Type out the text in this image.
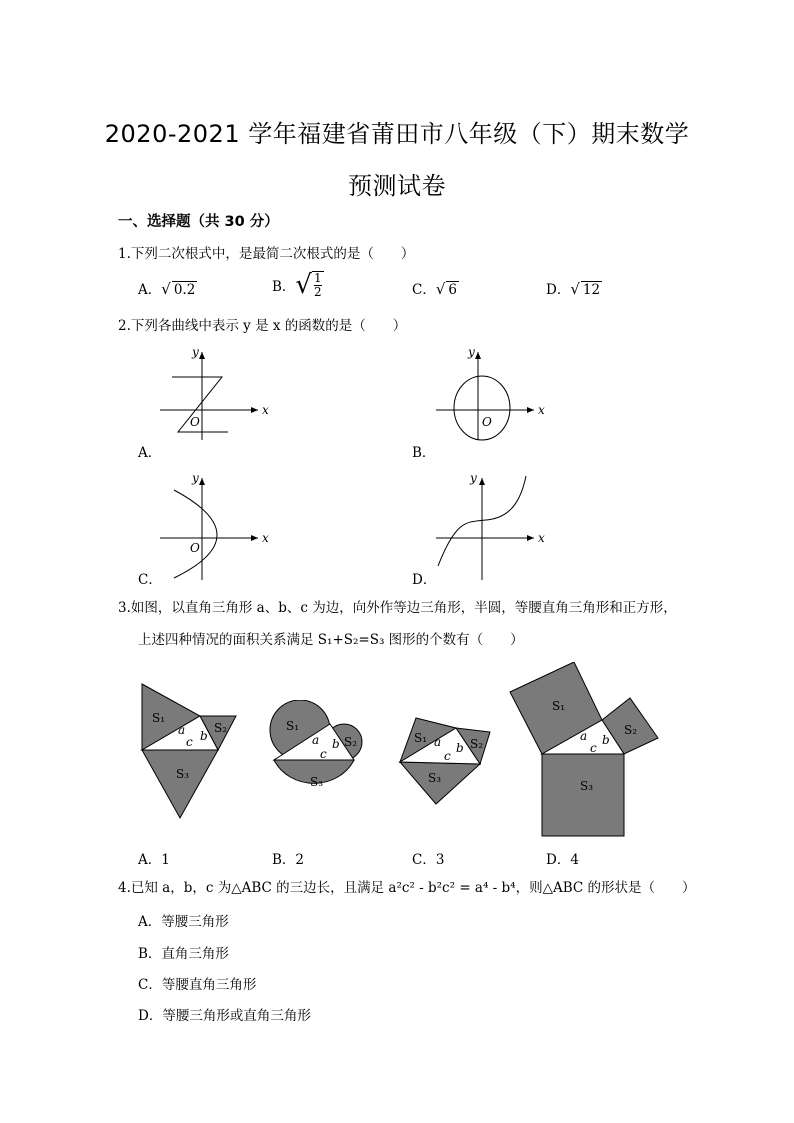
2020-2021 学年福建省莆田市八年级（下）期末数学
预测试卷
一、选择题（共 30 分）
1.下列二次根式中，是最简二次根式的是（　　）
A．√ 0.2	B．√ $\frac{1}{2}$	C．√ 6	D．√ 12
2.下列各曲线中表示 y 是 x 的函数的是（　　）
x
y
O
A．
x
y
O
B．
x
y
O
C．
x
y
D．
3.如图，以直角三角形 a、b、c 为边，向外作等边三角形，半圆，等腰直角三角形和正方形，
上述四种情况的面积关系满足 S₁+S₂=S₃ 图形的个数有（　　）
S₁
S₂
S₃
a b
c
A．1
S₁
S₂
S₃
a b
c
B．2
S₁	S₂
S₃
a b
c
C．3
S₁
S₂
S₃
a b
c
D．4
4.已知 a，b，c 为△ABC 的三边长，且满足 a²c² - b²c² = a⁴ - b⁴，则△ABC 的形状是（　　）
A．等腰三角形
B．直角三角形
C．等腰直角三角形
D．等腰三角形或直角三角形
